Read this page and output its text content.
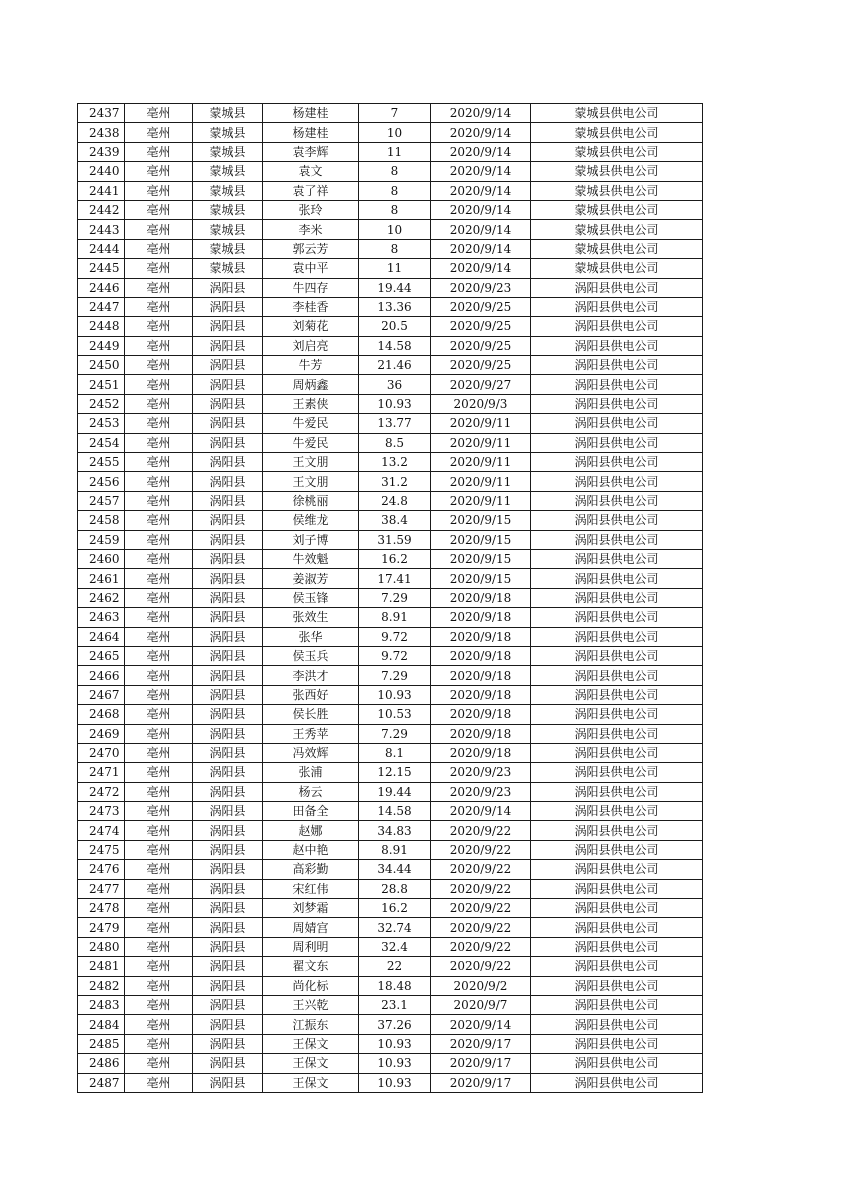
2437	亳州	蒙城县	杨建桂	7	2020/9/14	蒙城县供电公司
2438	亳州	蒙城县	杨建桂	10	2020/9/14	蒙城县供电公司
2439	亳州	蒙城县	袁李辉	11	2020/9/14	蒙城县供电公司
2440	亳州	蒙城县	袁文	8	2020/9/14	蒙城县供电公司
2441	亳州	蒙城县	袁了祥	8	2020/9/14	蒙城县供电公司
2442	亳州	蒙城县	张玲	8	2020/9/14	蒙城县供电公司
2443	亳州	蒙城县	李米	10	2020/9/14	蒙城县供电公司
2444	亳州	蒙城县	郭云芳	8	2020/9/14	蒙城县供电公司
2445	亳州	蒙城县	袁中平	11	2020/9/14	蒙城县供电公司
2446	亳州	涡阳县	牛四存	19.44	2020/9/23	涡阳县供电公司
2447	亳州	涡阳县	李桂香	13.36	2020/9/25	涡阳县供电公司
2448	亳州	涡阳县	刘菊花	20.5	2020/9/25	涡阳县供电公司
2449	亳州	涡阳县	刘启亮	14.58	2020/9/25	涡阳县供电公司
2450	亳州	涡阳县	牛芳	21.46	2020/9/25	涡阳县供电公司
2451	亳州	涡阳县	周炳鑫	36	2020/9/27	涡阳县供电公司
2452	亳州	涡阳县	王素侠	10.93	2020/9/3	涡阳县供电公司
2453	亳州	涡阳县	牛爱民	13.77	2020/9/11	涡阳县供电公司
2454	亳州	涡阳县	牛爱民	8.5	2020/9/11	涡阳县供电公司
2455	亳州	涡阳县	王文朋	13.2	2020/9/11	涡阳县供电公司
2456	亳州	涡阳县	王文朋	31.2	2020/9/11	涡阳县供电公司
2457	亳州	涡阳县	徐桃丽	24.8	2020/9/11	涡阳县供电公司
2458	亳州	涡阳县	侯维龙	38.4	2020/9/15	涡阳县供电公司
2459	亳州	涡阳县	刘子博	31.59	2020/9/15	涡阳县供电公司
2460	亳州	涡阳县	牛效魁	16.2	2020/9/15	涡阳县供电公司
2461	亳州	涡阳县	姜淑芳	17.41	2020/9/15	涡阳县供电公司
2462	亳州	涡阳县	侯玉锋	7.29	2020/9/18	涡阳县供电公司
2463	亳州	涡阳县	张效生	8.91	2020/9/18	涡阳县供电公司
2464	亳州	涡阳县	张华	9.72	2020/9/18	涡阳县供电公司
2465	亳州	涡阳县	侯玉兵	9.72	2020/9/18	涡阳县供电公司
2466	亳州	涡阳县	李洪才	7.29	2020/9/18	涡阳县供电公司
2467	亳州	涡阳县	张西好	10.93	2020/9/18	涡阳县供电公司
2468	亳州	涡阳县	侯长胜	10.53	2020/9/18	涡阳县供电公司
2469	亳州	涡阳县	王秀苹	7.29	2020/9/18	涡阳县供电公司
2470	亳州	涡阳县	冯效辉	8.1	2020/9/18	涡阳县供电公司
2471	亳州	涡阳县	张浦	12.15	2020/9/23	涡阳县供电公司
2472	亳州	涡阳县	杨云	19.44	2020/9/23	涡阳县供电公司
2473	亳州	涡阳县	田备全	14.58	2020/9/14	涡阳县供电公司
2474	亳州	涡阳县	赵娜	34.83	2020/9/22	涡阳县供电公司
2475	亳州	涡阳县	赵中艳	8.91	2020/9/22	涡阳县供电公司
2476	亳州	涡阳县	高彩勤	34.44	2020/9/22	涡阳县供电公司
2477	亳州	涡阳县	宋红伟	28.8	2020/9/22	涡阳县供电公司
2478	亳州	涡阳县	刘梦霜	16.2	2020/9/22	涡阳县供电公司
2479	亳州	涡阳县	周婧宫	32.74	2020/9/22	涡阳县供电公司
2480	亳州	涡阳县	周利明	32.4	2020/9/22	涡阳县供电公司
2481	亳州	涡阳县	翟文东	22	2020/9/22	涡阳县供电公司
2482	亳州	涡阳县	尚化标	18.48	2020/9/2	涡阳县供电公司
2483	亳州	涡阳县	王兴乾	23.1	2020/9/7	涡阳县供电公司
2484	亳州	涡阳县	江振东	37.26	2020/9/14	涡阳县供电公司
2485	亳州	涡阳县	王保文	10.93	2020/9/17	涡阳县供电公司
2486	亳州	涡阳县	王保文	10.93	2020/9/17	涡阳县供电公司
2487	亳州	涡阳县	王保文	10.93	2020/9/17	涡阳县供电公司
